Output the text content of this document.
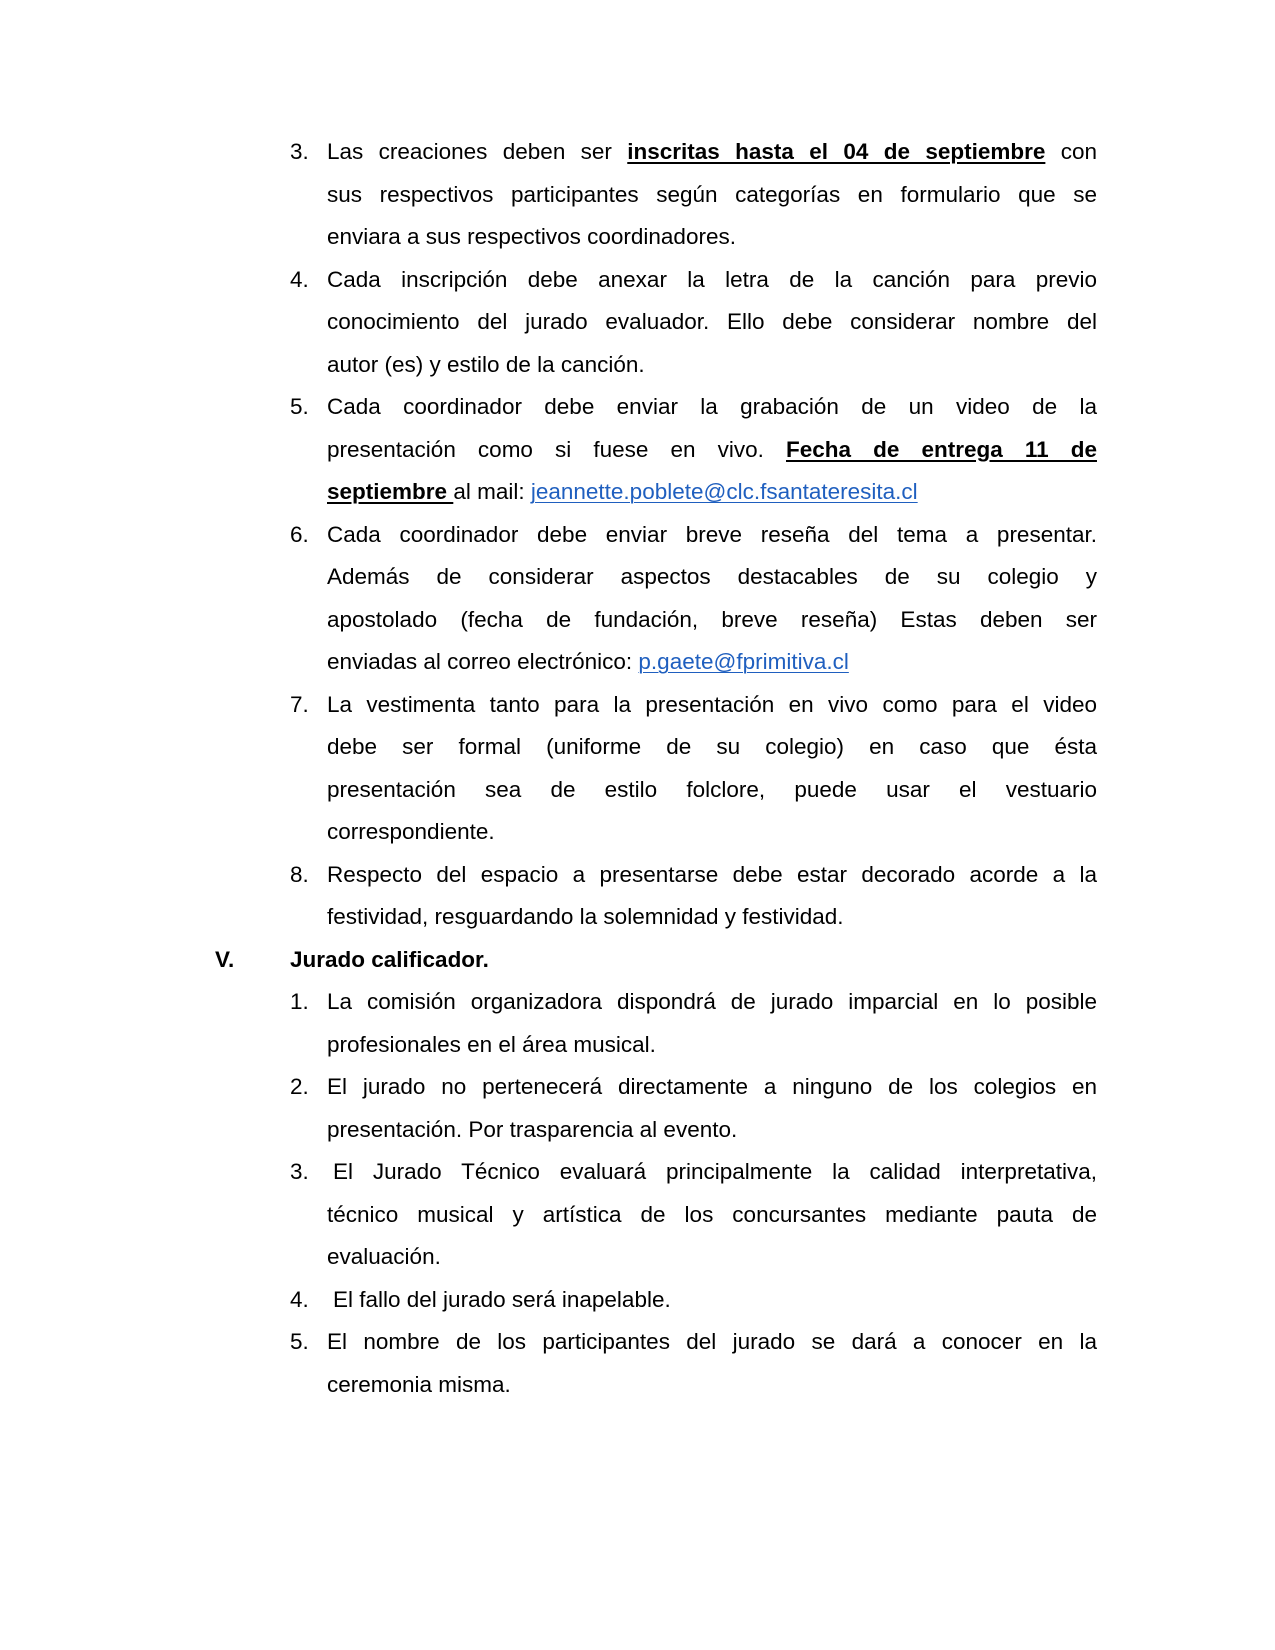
3. Las creaciones deben ser inscritas hasta el 04 de septiembre con
sus respectivos participantes según categorías en formulario que se
enviara a sus respectivos coordinadores.
4. Cada inscripción debe anexar la letra de la canción para previo
conocimiento del jurado evaluador. Ello debe considerar nombre del
autor (es) y estilo de la canción.
5. Cada coordinador debe enviar la grabación de un video de la
presentación como si fuese en vivo. Fecha de entrega 11 de
septiembre al mail: jeannette.poblete@clc.fsantateresita.cl
6. Cada coordinador debe enviar breve reseña del tema a presentar.
Además de considerar aspectos destacables de su colegio y
apostolado (fecha de fundación, breve reseña) Estas deben ser
enviadas al correo electrónico: p.gaete@fprimitiva.cl
7. La vestimenta tanto para la presentación en vivo como para el video
debe ser formal (uniforme de su colegio) en caso que ésta
presentación sea de estilo folclore, puede usar el vestuario
correspondiente.
8. Respecto del espacio a presentarse debe estar decorado acorde a la
festividad, resguardando la solemnidad y festividad.
V. Jurado calificador.
1. La comisión organizadora dispondrá de jurado imparcial en lo posible
profesionales en el área musical.
2. El jurado no pertenecerá directamente a ninguno de los colegios en
presentación. Por trasparencia al evento.
3. El Jurado Técnico evaluará principalmente la calidad interpretativa,
técnico musical y artística de los concursantes mediante pauta de
evaluación.
4. El fallo del jurado será inapelable.
5. El nombre de los participantes del jurado se dará a conocer en la
ceremonia misma.
